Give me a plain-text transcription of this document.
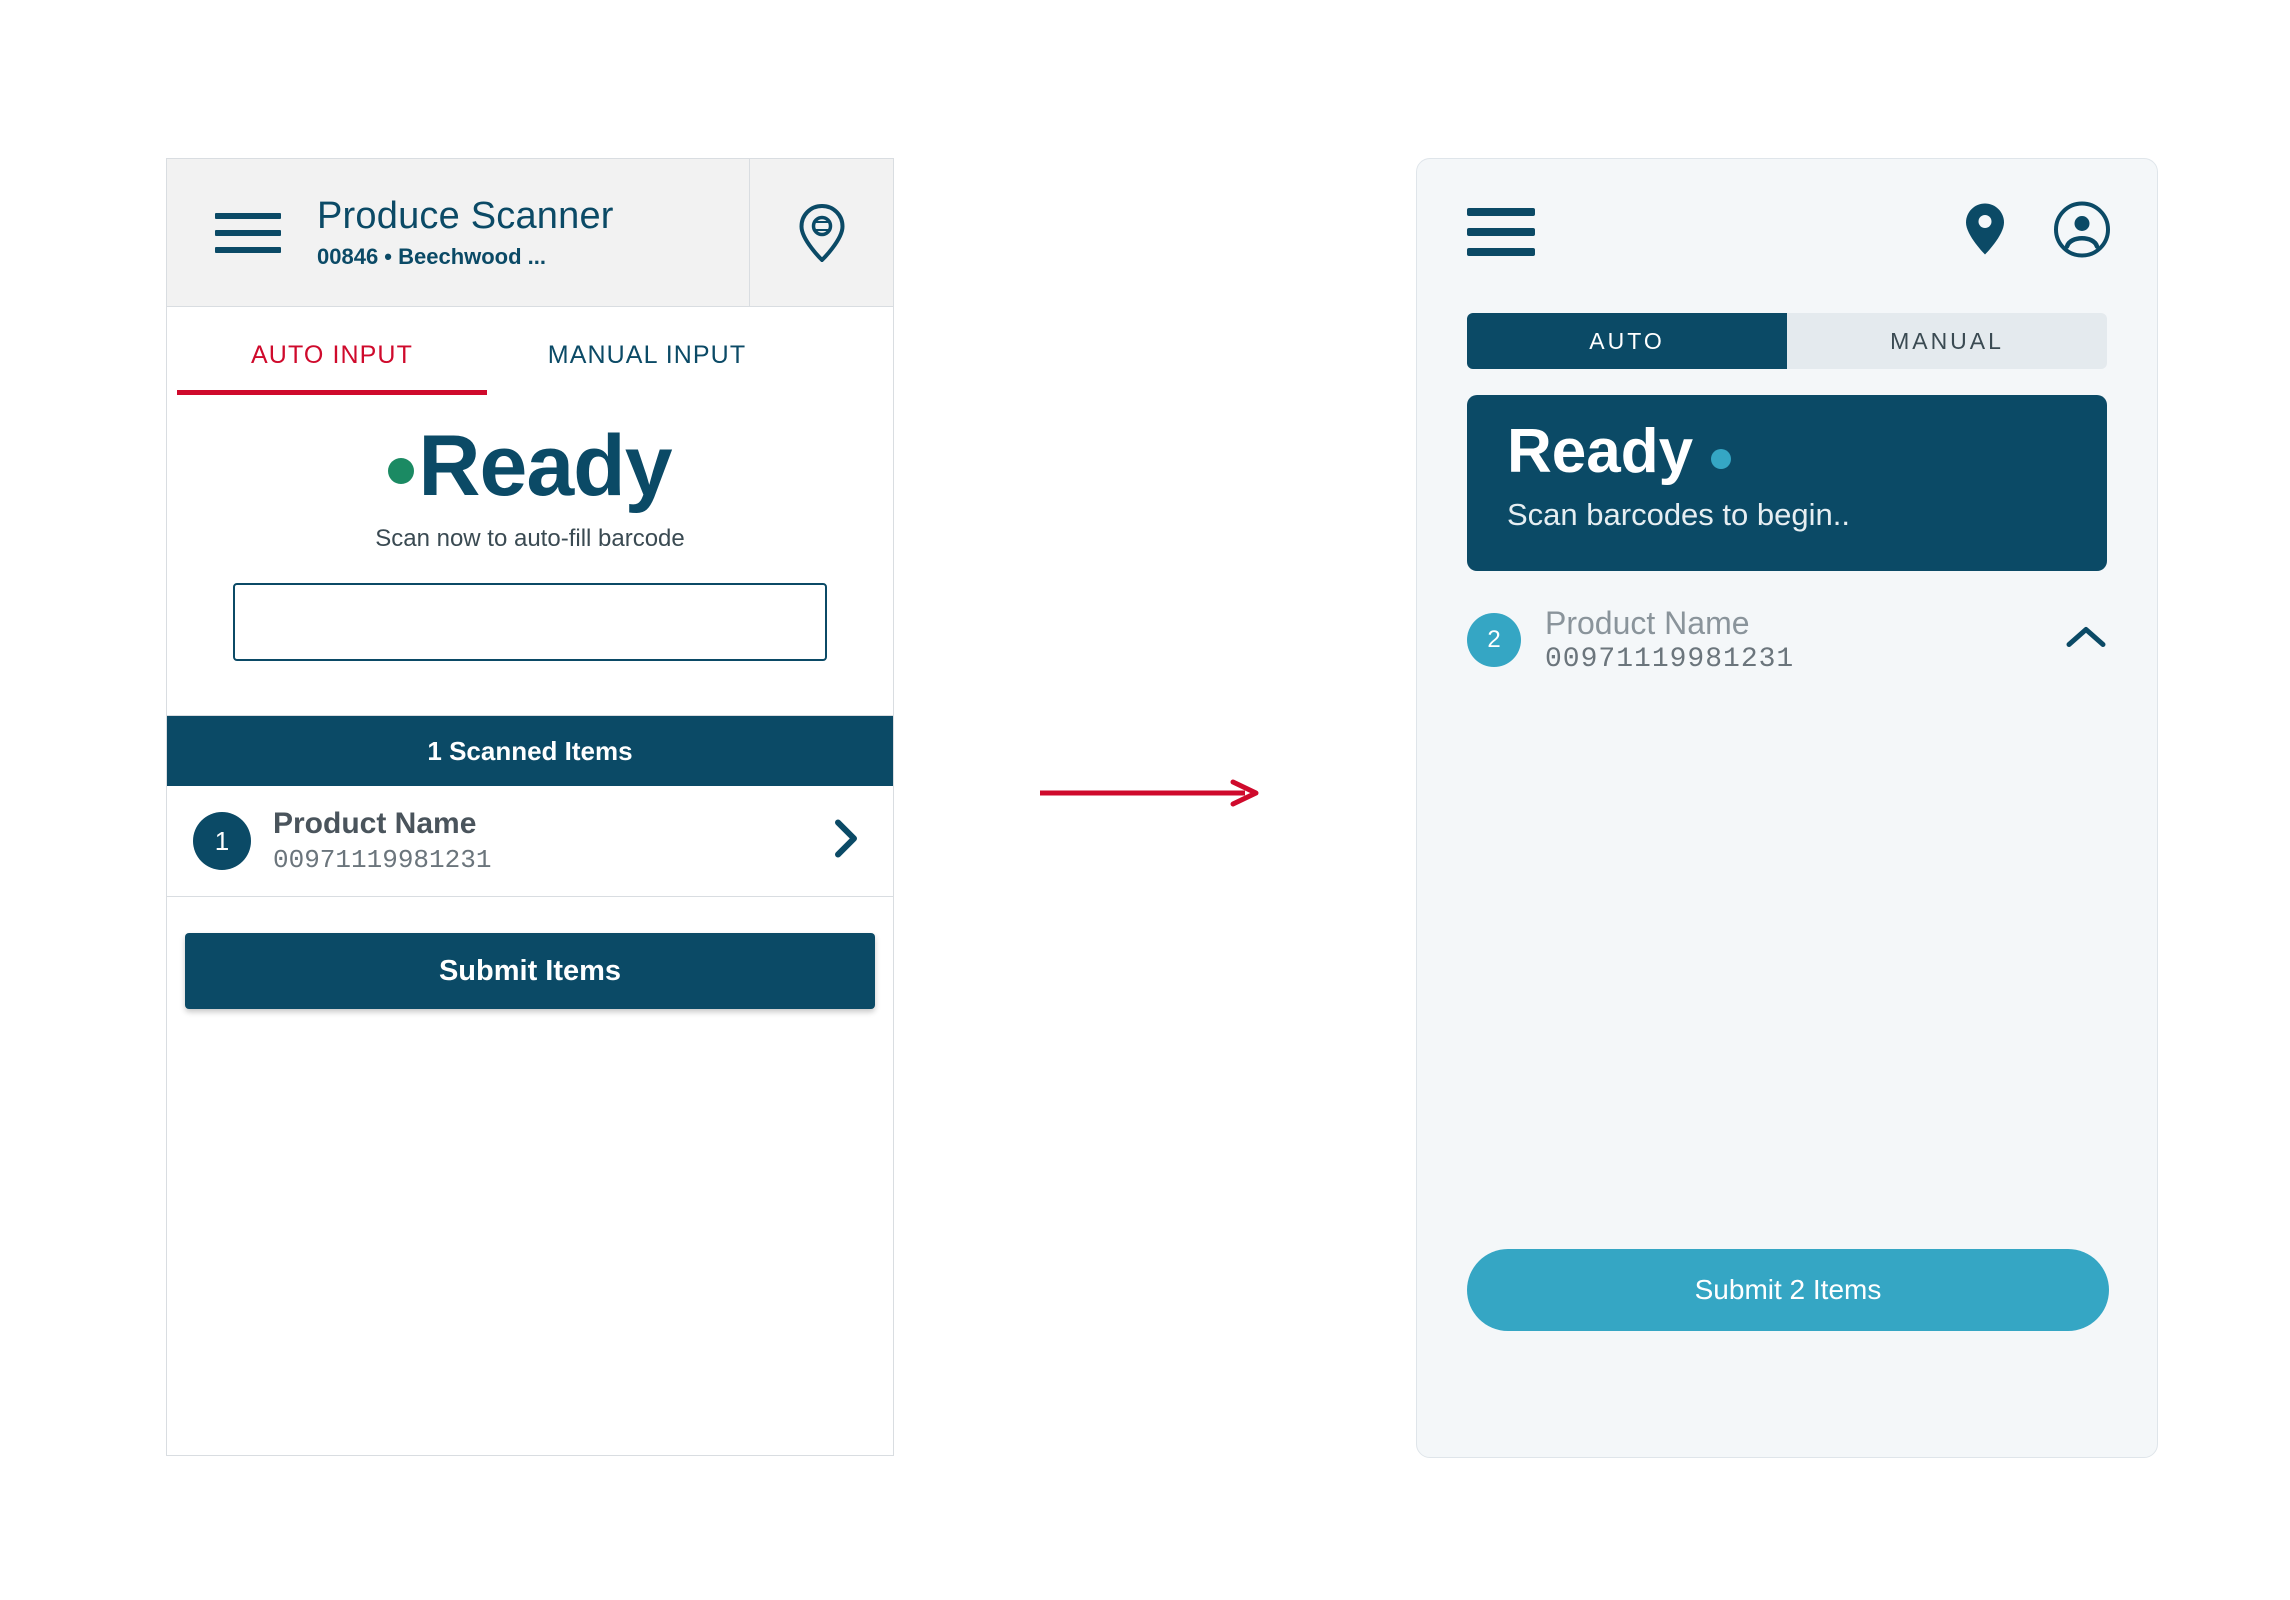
Produce Scanner
00846 • Beechwood ...
AUTO INPUT	MANUAL INPUT
Ready
Scan now to auto-fill barcode
1 Scanned Items
1
Product Name
00971119981231
Submit Items
AUTO	MANUAL
Ready
Scan barcodes to begin..
2	Product Name
00971119981231
Submit 2 Items
